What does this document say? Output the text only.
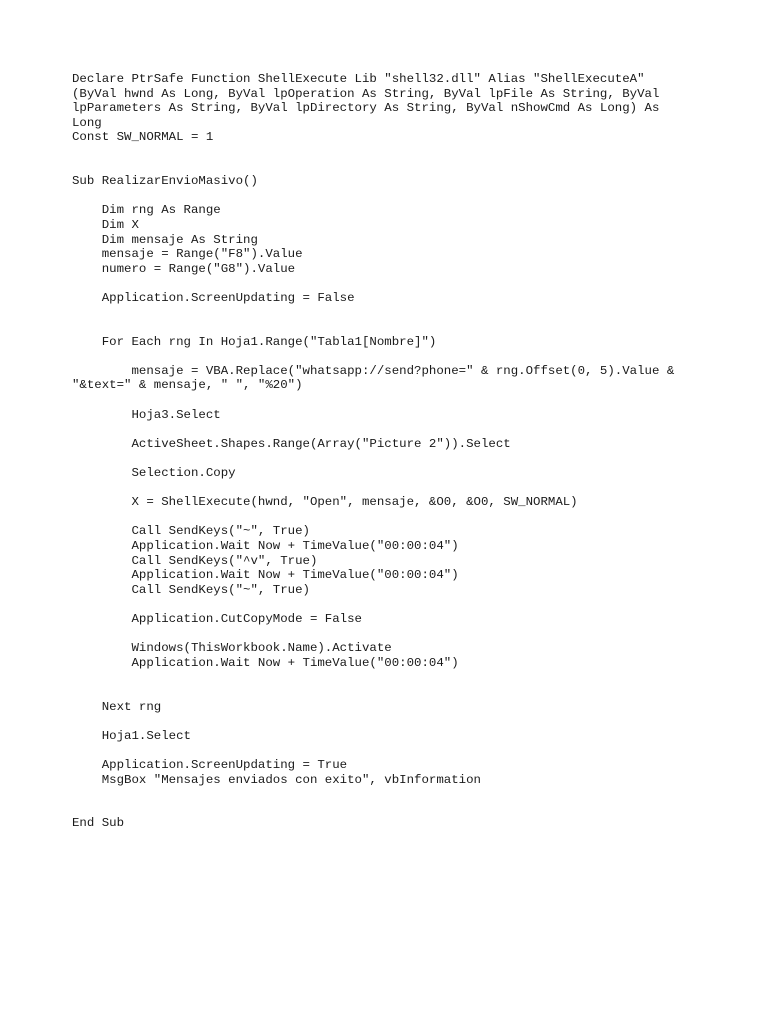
Declare PtrSafe Function ShellExecute Lib "shell32.dll" Alias "ShellExecuteA"
(ByVal hwnd As Long, ByVal lpOperation As String, ByVal lpFile As String, ByVal
lpParameters As String, ByVal lpDirectory As String, ByVal nShowCmd As Long) As
Long
Const SW_NORMAL = 1
Sub RealizarEnvioMasivo()
Dim rng As Range
Dim X
Dim mensaje As String
mensaje = Range("F8").Value
numero = Range("G8").Value
Application.ScreenUpdating = False
For Each rng In Hoja1.Range("Tabla1[Nombre]")
mensaje = VBA.Replace("whatsapp://send?phone=" & rng.Offset(0, 5).Value &
"&text=" & mensaje, " ", "%20")
Hoja3.Select
ActiveSheet.Shapes.Range(Array("Picture 2")).Select
Selection.Copy
X = ShellExecute(hwnd, "Open", mensaje, &O0, &O0, SW_NORMAL)
Call SendKeys("~", True)
Application.Wait Now + TimeValue("00:00:04")
Call SendKeys("^v", True)
Application.Wait Now + TimeValue("00:00:04")
Call SendKeys("~", True)
Application.CutCopyMode = False
Windows(ThisWorkbook.Name).Activate
Application.Wait Now + TimeValue("00:00:04")
Next rng
Hoja1.Select
Application.ScreenUpdating = True
MsgBox "Mensajes enviados con exito", vbInformation
End Sub
